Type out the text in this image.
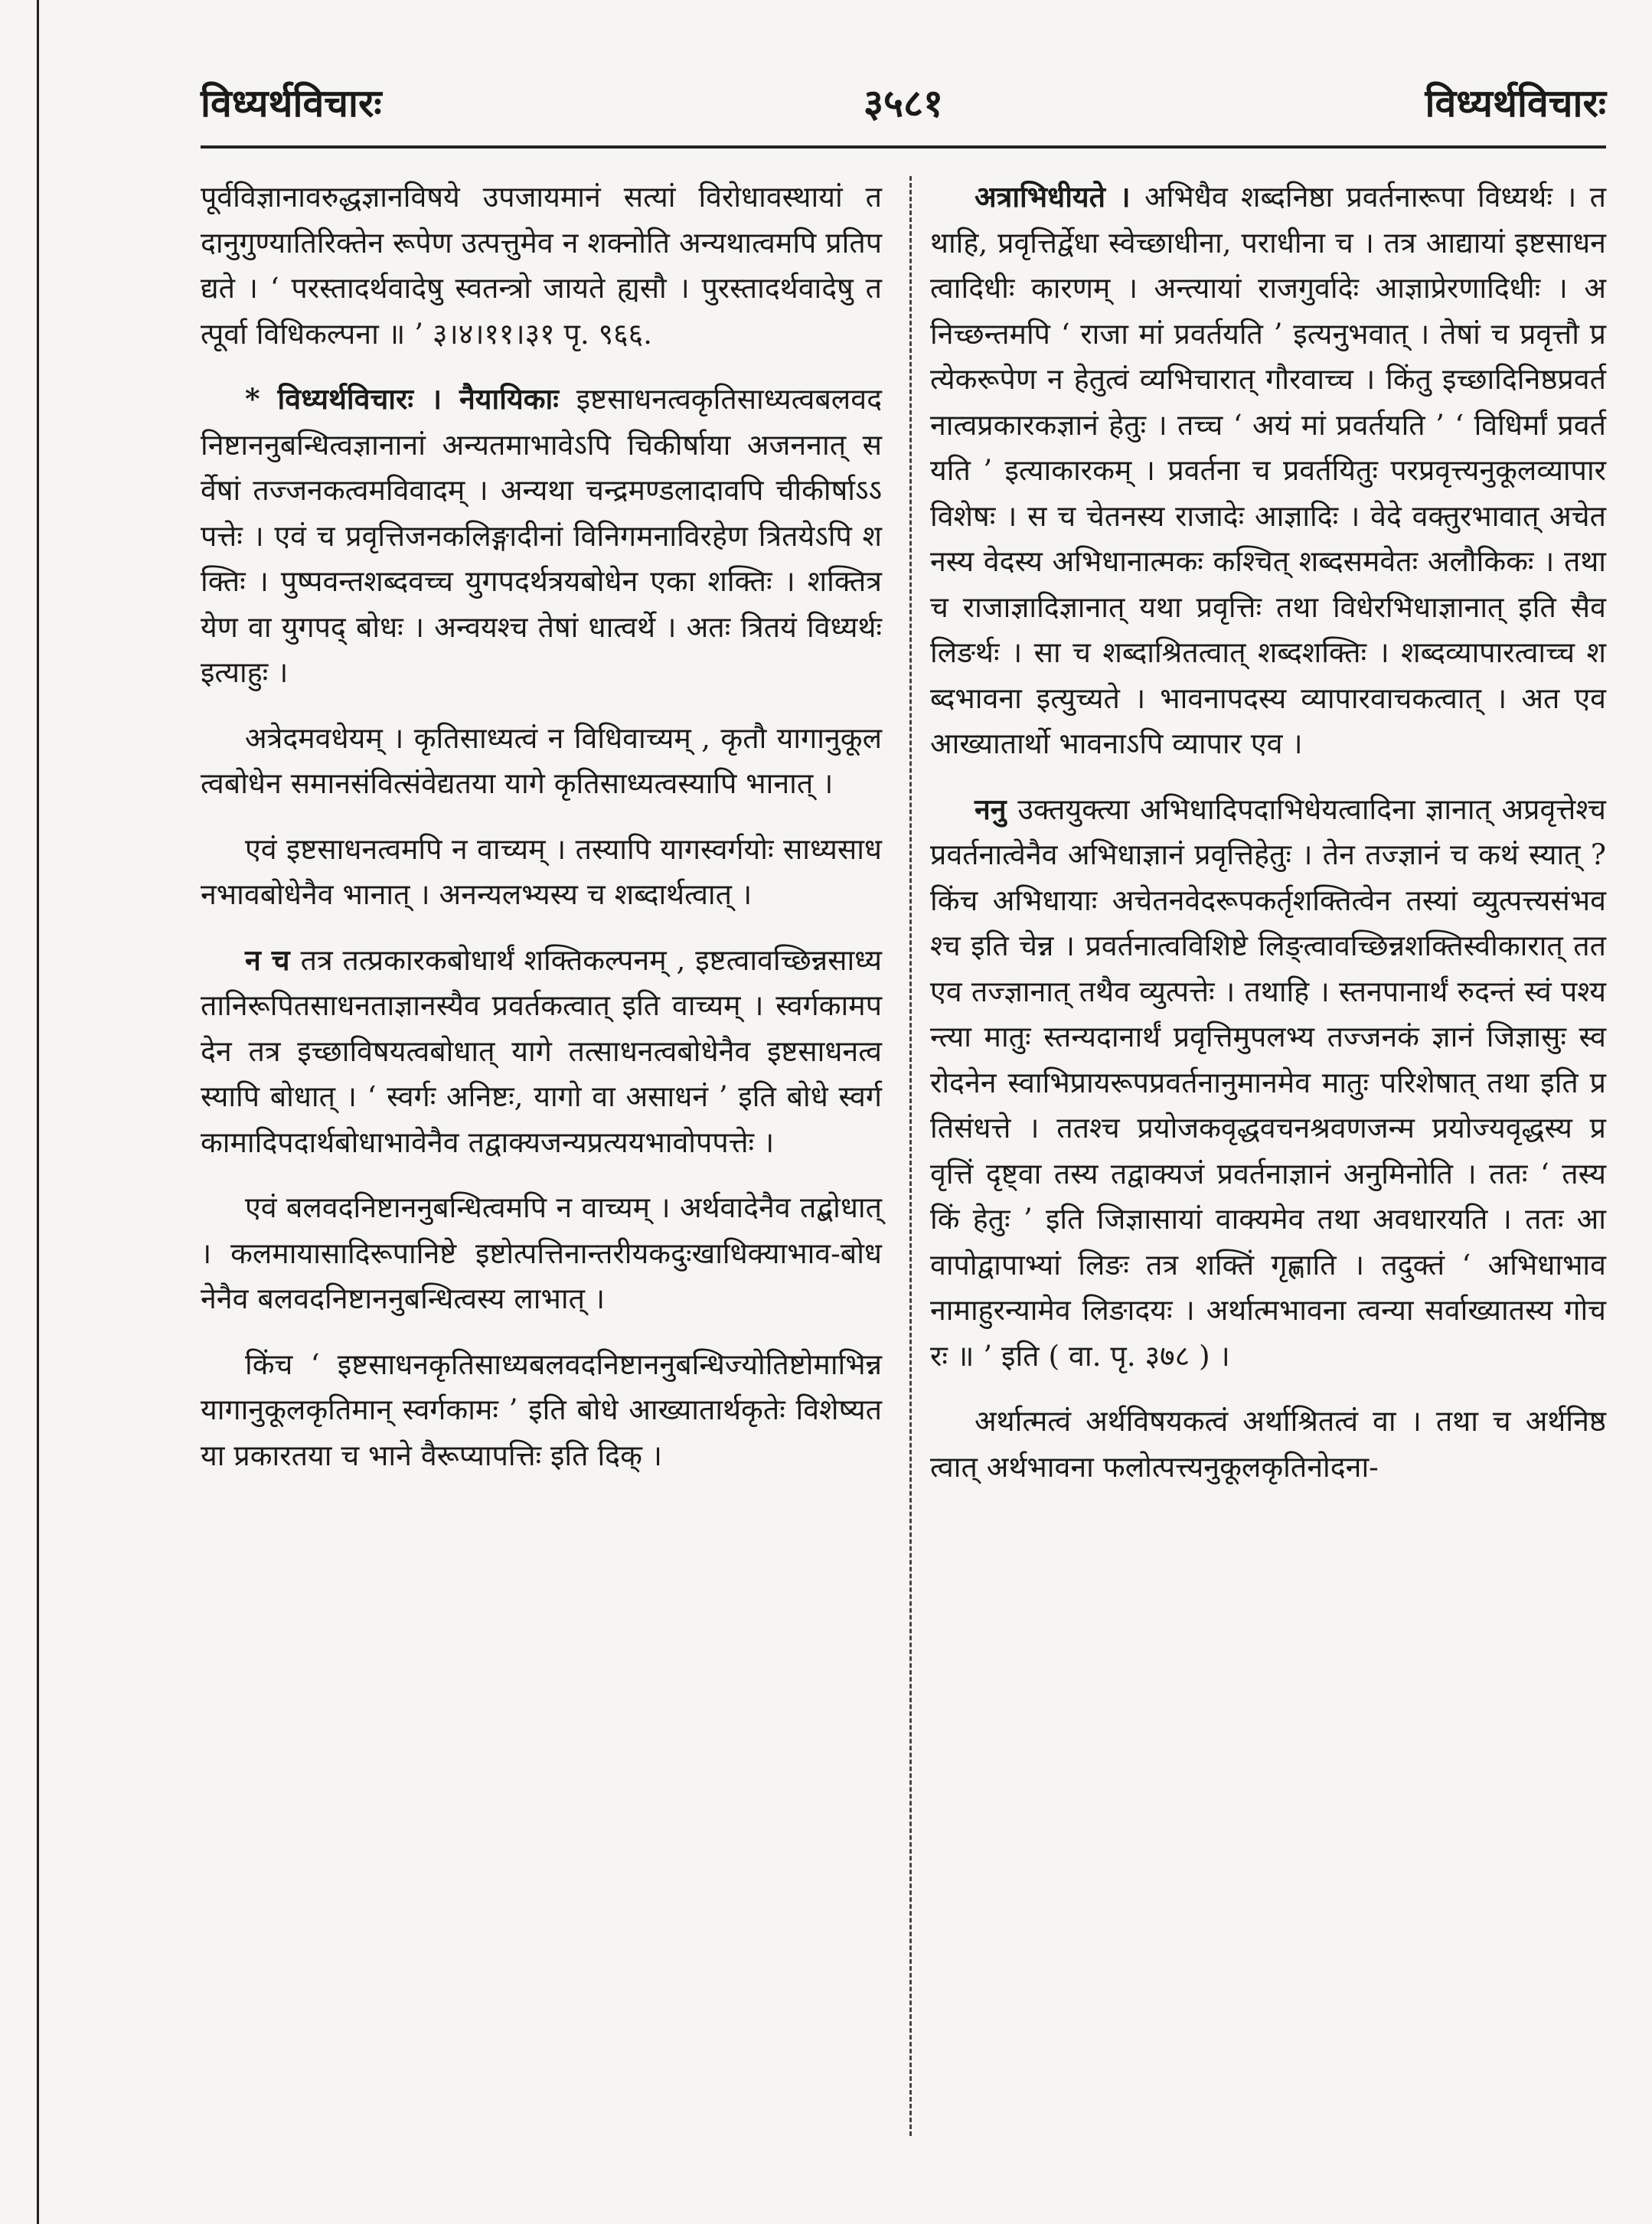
३५८१
विध्यर्थविचारः	विध्यर्थविचारः

पूर्वविज्ञानावरुद्धज्ञानविषये उपजायमानं सत्यां विरोधावस्थायां तदानुगुण्यातिरिक्तेन रूपेण उत्पत्तुमेव न शक्नोति अन्यथात्वमपि प्रतिपद्यते । ‘ परस्तादर्थवादेषु स्वतन्त्रो जायते ह्यसौ । पुरस्तादर्थवादेषु तत्पूर्वा विधिकल्पना ॥ ’ ३।४।११।३१ पृ. ९६६.

* विध्यर्थविचारः । नैयायिकाः इष्टसाधनत्वकृतिसाध्यत्वबलवदनिष्टाननुबन्धित्वज्ञानानां अन्यतमाभावेऽपि चिकीर्षाया अजननात् सर्वेषां तज्जनकत्वमविवादम् । अन्यथा चन्द्रमण्डलादावपि चीकीर्षाऽऽपत्तेः । एवं च प्रवृत्तिजनकलिङ्गादीनां विनिगमनाविरहेण त्रितयेऽपि शक्तिः । पुष्पवन्तशब्दवच्च युगपदर्थत्रयबोधेन एका शक्तिः । शक्तित्रयेण वा युगपद् बोधः । अन्वयश्च तेषां धात्वर्थे । अतः त्रितयं विध्यर्थः इत्याहुः ।

अत्रेदमवधेयम् । कृतिसाध्यत्वं न विधिवाच्यम् , कृतौ यागानुकूलत्वबोधेन समानसंवित्संवेद्यतया यागे कृतिसाध्यत्वस्यापि भानात् ।

एवं इष्टसाधनत्वमपि न वाच्यम् । तस्यापि यागस्वर्गयोः साध्यसाधनभावबोधेनैव भानात् । अनन्यलभ्यस्य च शब्दार्थत्वात् ।

न च तत्र तत्प्रकारकबोधार्थं शक्तिकल्पनम् , इष्टत्वावच्छिन्नसाध्यतानिरूपितसाधनताज्ञानस्यैव प्रवर्तकत्वात् इति वाच्यम् । स्वर्गकामपदेन तत्र इच्छाविषयत्वबोधात् यागे तत्साधनत्वबोधेनैव इष्टसाधनत्वस्यापि बोधात् । ‘ स्वर्गः अनिष्टः, यागो वा असाधनं ’ इति बोधे स्वर्गकामादिपदार्थबोधाभावेनैव तद्वाक्यजन्यप्रत्ययभावोपपत्तेः ।

एवं बलवदनिष्टाननुबन्धित्वमपि न वाच्यम् । अर्थवादेनैव तद्बोधात् । कलमायासादिरूपानिष्टे इष्टोत्पत्तिनान्तरीयकदुःखाधिक्याभाव-बोधनेनैव बलवदनिष्टाननुबन्धित्वस्य लाभात् ।

किंच ‘ इष्टसाधनकृतिसाध्यबलवदनिष्टाननुबन्धिज्योतिष्टोमाभिन्नयागानुकूलकृतिमान् स्वर्गकामः ’ इति बोधे आख्यातार्थकृतेः विशेष्यतया प्रकारतया च भाने वैरूप्यापत्तिः इति दिक् ।

अत्राभिधीयते । अभिधैव शब्दनिष्ठा प्रवर्तनारूपा विध्यर्थः । तथाहि, प्रवृत्तिर्द्वेधा स्वेच्छाधीना, पराधीना च । तत्र आद्यायां इष्टसाधनत्वादिधीः कारणम् । अन्त्यायां राजगुर्वादेः आज्ञाप्रेरणादिधीः । अनिच्छन्तमपि ‘ राजा मां प्रवर्तयति ’ इत्यनुभवात् । तेषां च प्रवृत्तौ प्रत्येकरूपेण न हेतुत्वं व्यभिचारात् गौरवाच्च । किंतु इच्छादिनिष्ठप्रवर्तनात्वप्रकारकज्ञानं हेतुः । तच्च ‘ अयं मां प्रवर्तयति ’ ‘ विधिर्मां प्रवर्तयति ’ इत्याकारकम् । प्रवर्तना च प्रवर्तयितुः परप्रवृत्त्यनुकूलव्यापारविशेषः । स च चेतनस्य राजादेः आज्ञादिः । वेदे वक्तुरभावात् अचेतनस्य वेदस्य अभिधानात्मकः कश्चित् शब्दसमवेतः अलौकिकः । तथा च राजाज्ञादिज्ञानात् यथा प्रवृत्तिः तथा विधेरभिधाज्ञानात् इति सैव लिङर्थः । सा च शब्दाश्रितत्वात् शब्दशक्तिः । शब्दव्यापारत्वाच्च शब्दभावना इत्युच्यते । भावनापदस्य व्यापारवाचकत्वात् । अत एव आख्यातार्थो भावनाऽपि व्यापार एव ।

ननु उक्तयुक्त्या अभिधादिपदाभिधेयत्वादिना ज्ञानात् अप्रवृत्तेश्च प्रवर्तनात्वेनैव अभिधाज्ञानं प्रवृत्तिहेतुः । तेन तज्ज्ञानं च कथं स्यात् ? किंच अभिधायाः अचेतनवेदरूपकर्तृशक्तित्वेन तस्यां व्युत्पत्त्यसंभवश्च इति चेन्न । प्रवर्तनात्वविशिष्टे लिङ्त्वावच्छिन्नशक्तिस्वीकारात् तत एव तज्ज्ञानात् तथैव व्युत्पत्तेः । तथाहि । स्तनपानार्थं रुदन्तं स्वं पश्यन्त्या मातुः स्तन्यदानार्थं प्रवृत्तिमुपलभ्य तज्जनकं ज्ञानं जिज्ञासुः स्वरोदनेन स्वाभिप्रायरूपप्रवर्तनानुमानमेव मातुः परिशेषात् तथा इति प्रतिसंधत्ते । ततश्च प्रयोजकवृद्धवचनश्रवणजन्म प्रयोज्यवृद्धस्य प्रवृत्तिं दृष्ट्वा तस्य तद्वाक्यजं प्रवर्तनाज्ञानं अनुमिनोति । ततः ‘ तस्य किं हेतुः ’ इति जिज्ञासायां वाक्यमेव तथा अवधारयति । ततः आवापोद्वापाभ्यां लिङः तत्र शक्तिं गृह्णाति । तदुक्तं ‘ अभिधाभावनामाहुरन्यामेव लिङादयः । अर्थात्मभावना त्वन्या सर्वाख्यातस्य गोचरः ॥ ’ इति ( वा. पृ. ३७८ ) ।

अर्थात्मत्वं अर्थविषयकत्वं अर्थाश्रितत्वं वा । तथा च अर्थनिष्ठत्वात् अर्थभावना फलोत्पत्त्यनुकूलकृतिनोदना-
